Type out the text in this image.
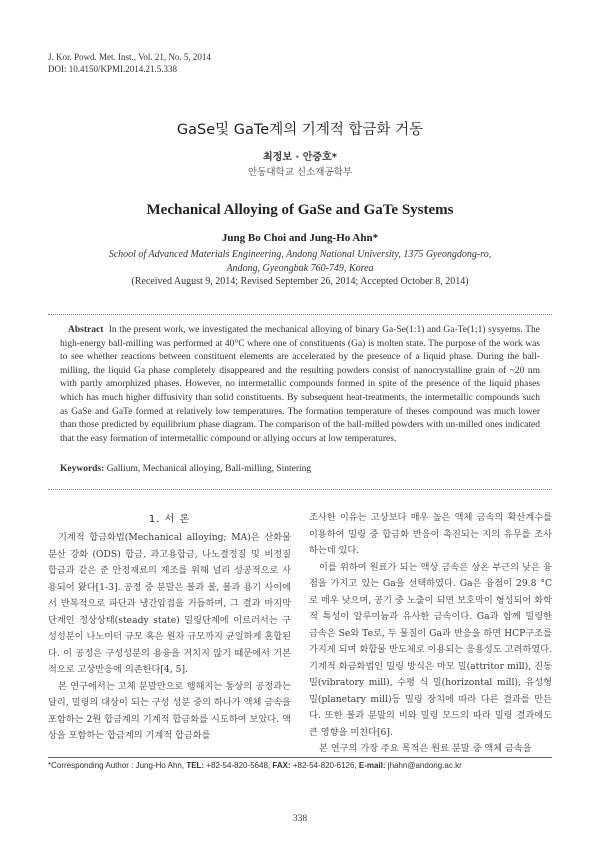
J. Kor. Powd. Met. Inst., Vol. 21, No. 5, 2014
DOI: 10.4150/KPMI.2014.21.5.338
GaSe및 GaTe계의 기계적 합금화 거동
최정보 · 안중호*
안동대학교 신소재공학부
Mechanical Alloying of GaSe and GaTe Systems
Jung Bo Choi and Jung-Ho Ahn*
School of Advanced Materials Engineering, Andong National University, 1375 Gyeongdong-ro,
Andong, Gyeongbuk 760-749, Korea
(Received August 9, 2014; Revised September 26, 2014; Accepted October 8, 2014)
Abstract In the present work, we investigated the mechanical alloying of binary Ga-Se(1:1) and Ga-Te(1;1) sysyems. The high-energy ball-milling was performed at 40°C where one of constituents (Ga) is molten state. The purpose of the work was to see whether reactions between constituent elements are accelerated by the presence of a liquid phase. During the ball-milling, the liquid Ga phase completely disappeared and the resulting powders consist of nanocrystalline grain of ~20 nm with partly amorphized phases. However, no intermetallic compounds formed in spite of the presence of the liquid phases which has much higher diffusivity than solid constituents. By subsequent heat-treatments, the intermetallic compounds such as GaSe and GaTe formed at relatively low temperatures. The formation temperature of theses compound was much lower than those predicted by equilibrium phase diagram. The comparison of the ball-milled powders with un-milled ones indicated that the easy formation of intermetallic compound or allying occurs at low temperatures.
Keywords: Gallium, Mechanical alloying, Ball-milling, Sintering
1. 서 론

기계적 합금화법(Mechanical alloying; MA)은 산화물 분산 강화 (ODS) 합금, 과고용합금, 나노결정질 및 비정질 합금과 같은 준 안정재료의 제조를 위해 널리 성공적으로 사용되어 왔다[1-3]. 공정 중 분말은 볼과 볼, 볼과 용기 사이에서 반복적으로 파단과 냉간압접을 거듭하며, 그 결과 마지막 단계인 정상상태(steady state) 밀링단계에 이르러서는 구성성분이 나노미터 규모 혹은 원자 규모까지 균일하게 혼합된다. 이 공정은 구성성분의 용융을 거치지 않기 때문에서 기본적으로 고상반응에 의존한다[4, 5].

본 연구에서는 고체 분말만으로 행해지는 통상의 공정과는 달리, 밀링의 대상이 되는 구성 성분 중의 하나가 액체 금속을 포함하는 2원 합금계의 기계적 합금화를 시도하여 보았다. 액상을 포함하는 합금계의 기계적 합금화를

조사한 이유는 고상보다 매우 높은 액체 금속의 확산계수를 이용하여 밀링 중 합금화 반응이 촉진되는 지의 유무를 조사하는데 있다.

이를 위하여 원료가 되는 액상 금속은 상온 부근의 낮은 융점을 가지고 있는 Ga을 선택하였다. Ga은 융점이 29.8 °C로 매우 낮으며, 공기 중 노출이 되면 보호막이 형성되어 화학적 특성이 알루미늄과 유사한 금속이다. Ga과 함께 밀링한 금속은 Se와 Te로, 두 물질이 Ga과 반응을 하면 HCP구조를 가지게 되며 화합물 반도체로 이용되는 응용성도 고려하였다. 기계적 화금화법인 밀링 방식은 마모 밀(attritor mill), 진동 밀(vibratory mill), 수평 식 밀(horizontal mill), 유성형 밀(planetary mill)등 밀링 장치에 따라 다른 결과를 만든다. 또한 볼과 분말의 비와 밀링 모드의 따라 밀링 결과에도 큰 영향을 미친다[6].

본 연구의 가장 주요 목적은 원료 분말 중 액체 금속을

*Corresponding Author : Jung-Ho Ahn, TEL: +82-54-820-5648, FAX: +82-54-820-6126, E-mail: jhahn@andong.ac.kr
338
